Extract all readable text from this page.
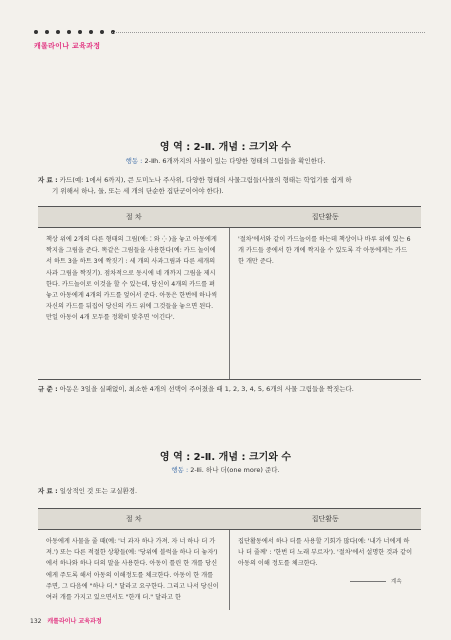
캐롤라이나 교육과정
영 역 : 2-Ⅱ. 개념 : 크기와 수
행동 : 2-Ⅱh. 6개까지의 사물이 있는 다양한 형태의 그림들을 확인한다.
자 료 : 카드(예: 1에서 6까지), 큰 도미노나 주사위, 다양한 형태의 사물그림들(사물의 형태는 학업기를 쉽게 하
기 위해서 하나, 둘, 또는 세 개의 단순한 집단군이어야 한다).
절 차	집단활동
책상 위에 2개의 다른 형태의 그림(예: ⁚ 와 ⁛ )을 놓고 아동에게 짝지을 그림을 준다. 똑같은 그림들을 사용한다(예: 카드 놀이에서 하트 3을 하트 3에 짝짓기 : 세 개의 사과그림과 다른 세개의 사과 그림을 짝짓기). 점차적으로 동시에 네 개까지 그림을 제시한다. 카드놀이로 이것을 할 수 있는데, 당신이 4개의 카드를 펴 놓고 아동에게 4개의 카드를 엎어서 준다. 아동은 한번에 하나씩 자신의 카드를 뒤집어 당신의 카드 위에 그것들을 놓으면 된다. 만일 아동이 4개 모두를 정확히 맞추면 '이긴다'.	'절차'에서와 같이 카드놀이를 하는데 책상이나 바루 위에 있는 6개 카드들 중에서 한 개에 짝지을 수 있도록 각 아동에게는 카드 한 개만 준다.
규 준 : 아동은 3일을 실패없이, 최소한 4개의 선택이 주어졌을 때 1, 2, 3, 4, 5, 6개의 사물 그림들을 짝짓는다.
영 역 : 2-Ⅱ. 개념 : 크기와 수
행동 : 2-Ⅱi. 하나 더(one more) 준다.
자 료 : 일상적인 것 또는 교실환경.
절 차	집단활동
아동에게 사물을 줄 때(예: '너 과자 하나 가져. 자 너 하나 더 가져.') 또는 다른 적절한 상황들(예: '당위에 블럭을 하나 더 놓자')에서 하나와 하나 더의 말을 사용한다. 아동이 틀린 한 개를 당신에게 주도록 해서 아동의 이해정도를 체크한다. 아동이 한 개를 주면, 그 다음에 "하나 더." 달라고 요구한다. 그리고 나서 당신이 여러 개를 가지고 있으면서도 "한개 더." 달라고 한	집단활동에서 하나 더를 사용할 기회가 많다(예: '내가 너에게 하나 더 줄께' : '한번 더 노래 부르자'). '절차'에서 설명한 것과 같이 아동의 이해 정도를 체크한다.
계속
132 캐롤라이나 교육과정
